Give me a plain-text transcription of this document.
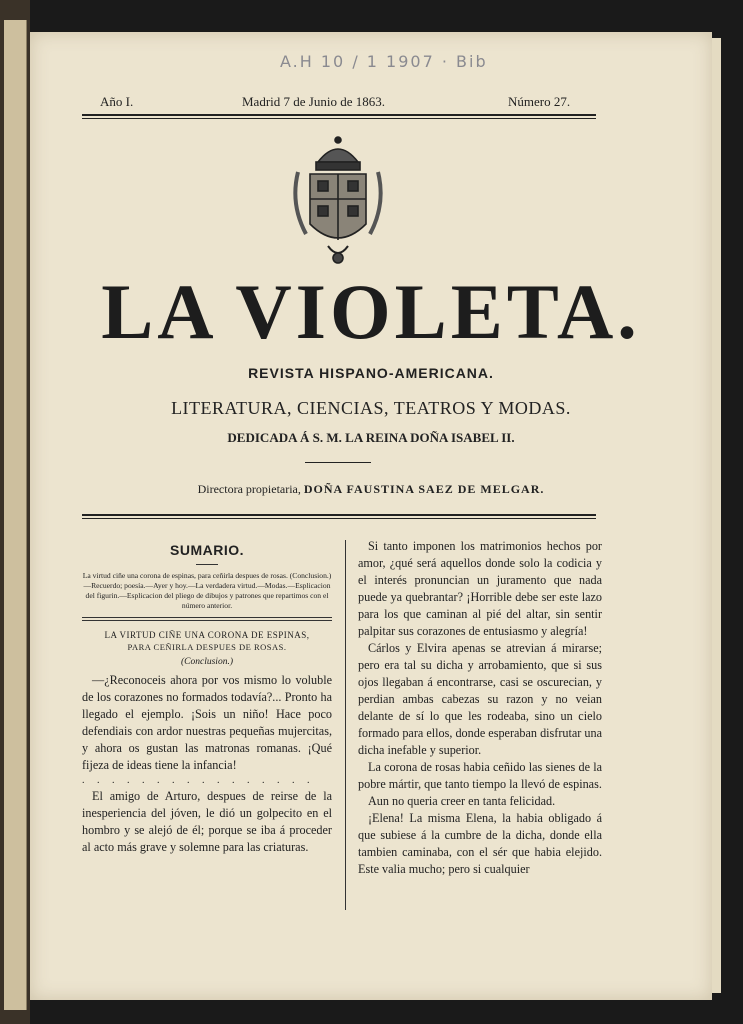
A.H 10 / 1 1907 · Bib
Año I.	Madrid 7 de Junio de 1863.	Número 27.
LA VIOLETA.
REVISTA HISPANO-AMERICANA.
LITERATURA, CIENCIAS, TEATROS Y MODAS.
DEDICADA Á S. M. LA REINA DOÑA ISABEL II.
Directora propietaria, DOÑA FAUSTINA SAEZ DE MELGAR.
SUMARIO.
La virtud ciñe una corona de espinas, para ceñirla despues de rosas. (Conclusion.)—Recuerdo; poesía.—Ayer y hoy.—La verdadera virtud.—Modas.—Esplicacion del figurin.—Esplicacion del pliego de dibujos y patrones que repartimos con el número anterior.
LA VIRTUD CIÑE UNA CORONA DE ESPINAS,
PARA CEÑIRLA DESPUES DE ROSAS.
(Conclusion.)

—¿Reconoceis ahora por vos mismo lo voluble de los corazones no formados todavía?... Pronto ha llegado el ejemplo. ¡Sois un niño! Hace poco defendiais con ardor nuestras pequeñas mujercitas, y ahora os gustan las matronas romanas. ¡Qué fijeza de ideas tiene la infancia!

. . . . . . . . . . . . . . . .

El amigo de Arturo, despues de reirse de la inesperiencia del jóven, le dió un golpecito en el hombro y se alejó de él; porque se iba á proceder al acto más grave y solemne para las criaturas.

Si tanto imponen los matrimonios hechos por amor, ¿qué será aquellos donde solo la codicia y el interés pronuncian un juramento que nada puede ya quebrantar? ¡Horrible debe ser este lazo para los que caminan al pié del altar, sin sentir palpitar sus corazones de entusiasmo y alegría!

Cárlos y Elvira apenas se atrevian á mirarse; pero era tal su dicha y arrobamiento, que si sus ojos llegaban á encontrarse, casi se oscurecian, y perdian ambas cabezas su razon y no veian delante de sí lo que les rodeaba, sino un cielo formado para ellos, donde esperaban disfrutar una dicha inefable y superior.

La corona de rosas habia ceñido las sienes de la pobre mártir, que tanto tiempo la llevó de espinas.

Aun no queria creer en tanta felicidad.

¡Elena! La misma Elena, la habia obligado á que subiese á la cumbre de la dicha, donde ella tambien caminaba, con el sér que habia elejido. Este valia mucho; pero si cualquier
